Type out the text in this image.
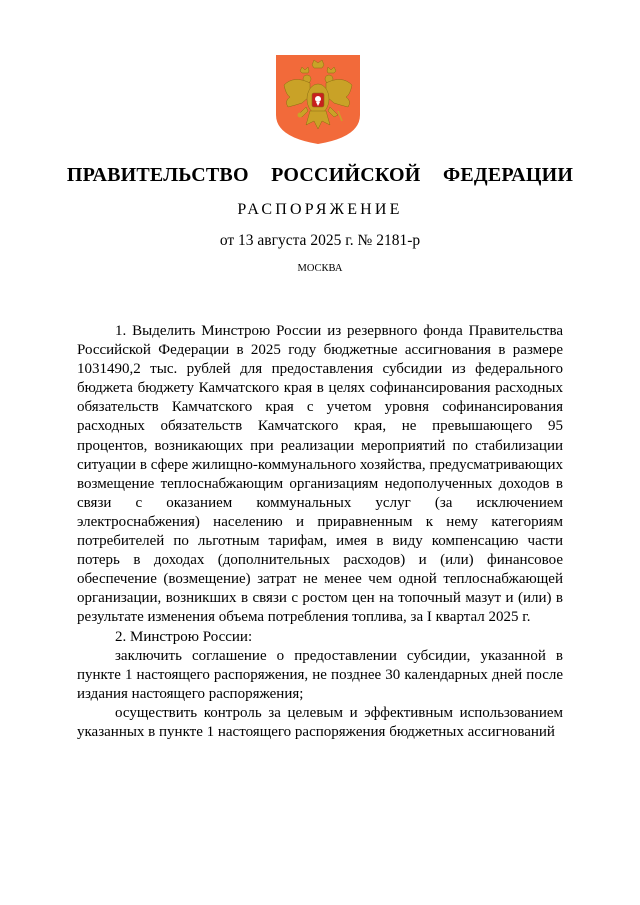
ПРАВИТЕЛЬСТВО  РОССИЙСКОЙ  ФЕДЕРАЦИИ
РАСПОРЯЖЕНИЕ
от 13 августа 2025 г. № 2181-р
МОСКВА

1. Выделить Минстрою России из резервного фонда Правительства Российской Федерации в 2025 году бюджетные ассигнования в размере 1031490,2 тыс. рублей для предоставления субсидии из федерального бюджета бюджету Камчатского края в целях софинансирования расходных обязательств Камчатского края с учетом уровня софинансирования расходных обязательств Камчатского края, не превышающего 95 процентов, возникающих при реализации мероприятий по стабилизации ситуации в сфере жилищно-коммунального хозяйства, предусматривающих возмещение теплоснабжающим организациям недополученных доходов в связи с оказанием коммунальных услуг (за исключением электроснабжения) населению и приравненным к нему категориям потребителей по льготным тарифам, имея в виду компенсацию части потерь в доходах (дополнительных расходов) и (или) финансовое обеспечение (возмещение) затрат не менее чем одной теплоснабжающей организации, возникших в связи с ростом цен на топочный мазут и (или) в результате изменения объема потребления топлива, за I квартал 2025 г.

2. Минстрою России:

заключить соглашение о предоставлении субсидии, указанной в пункте 1 настоящего распоряжения, не позднее 30 календарных дней после издания настоящего распоряжения;

осуществить контроль за целевым и эффективным использованием указанных в пункте 1 настоящего распоряжения бюджетных ассигнований
